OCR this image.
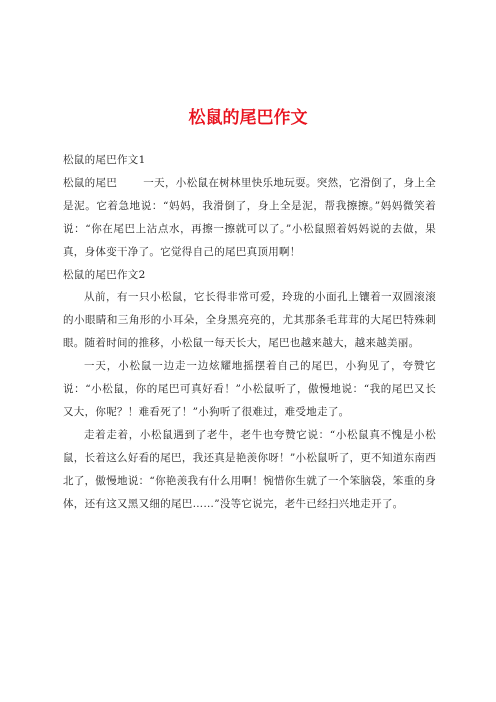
松鼠的尾巴作文

松鼠的尾巴作文1

松鼠的尾巴 一天，小松鼠在树林里快乐地玩耍。突然，它滑倒了，身上全是泥。它着急地说：“妈妈，我滑倒了，身上全是泥，帮我擦擦。”妈妈微笑着说：“你在尾巴上沾点水，再擦一擦就可以了。”小松鼠照着妈妈说的去做，果真，身体变干净了。它觉得自己的尾巴真顶用啊！

松鼠的尾巴作文2

从前，有一只小松鼠，它长得非常可爱，玲珑的小面孔上镶着一双圆滚滚的小眼睛和三角形的小耳朵，全身黑亮亮的，尤其那条毛茸茸的大尾巴特殊刺眼。随着时间的推移，小松鼠一每天长大，尾巴也越来越大，越来越美丽。

一天，小松鼠一边走一边炫耀地摇摆着自己的尾巴，小狗见了，夸赞它说：“小松鼠，你的尾巴可真好看！”小松鼠听了，傲慢地说：“我的尾巴又长又大，你呢？！难看死了！”小狗听了很难过，难受地走了。

走着走着，小松鼠遇到了老牛，老牛也夸赞它说：“小松鼠真不愧是小松鼠，长着这么好看的尾巴，我还真是艳羡你呀！”小松鼠听了，更不知道东南西北了，傲慢地说：“你艳羡我有什么用啊！惋惜你生就了一个笨脑袋，笨重的身体，还有这又黑又细的尾巴……”没等它说完，老牛已经扫兴地走开了。
